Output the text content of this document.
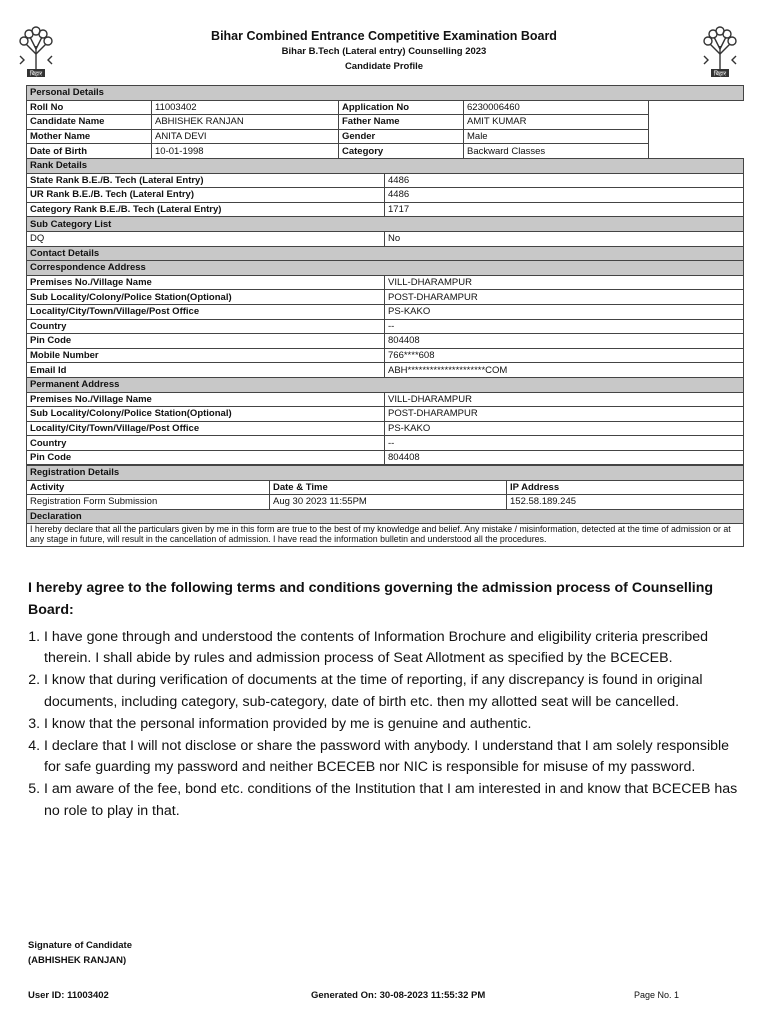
बिहार
Bihar Combined Entrance Competitive Examination Board
Bihar B.Tech (Lateral entry) Counselling 2023
Candidate Profile
बिहार
Personal Details				
Roll No	11003402	Application No	6230006460	
Candidate Name	ABHISHEK RANJAN	Father Name	AMIT KUMAR	
Mother Name	ANITA DEVI	Gender	Male	
Date of Birth	10-01-1998	Category	Backward Classes	
Rank Details	
State Rank B.E./B. Tech (Lateral Entry)	4486
UR Rank B.E./B. Tech (Lateral Entry)	4486
Category Rank B.E./B. Tech (Lateral Entry)	1717
Sub Category List	
DQ	No
Contact Details	
Correspondence Address	
Premises No./Village Name	VILL-DHARAMPUR
Sub Locality/Colony/Police Station(Optional)	POST-DHARAMPUR
Locality/City/Town/Village/Post Office	PS-KAKO
Country	--
Pin Code	804408
Mobile Number	766****608
Email Id	ABH*********************COM
Permanent Address	
Premises No./Village Name	VILL-DHARAMPUR
Sub Locality/Colony/Police Station(Optional)	POST-DHARAMPUR
Locality/City/Town/Village/Post Office	PS-KAKO
Country	--
Pin Code	804408
Registration Details		
Activity	Date & Time	IP Address
Registration Form Submission	Aug 30 2023 11:55PM	152.58.189.245
Declaration		
I hereby declare that all the particulars given by me in this form are true to the best of my knowledge and belief. Any mistake / misinformation, detected at the time of admission or at any stage in future, will result in the cancellation of admission. I have read the information bulletin and understood all the procedures.		
I hereby agree to the following terms and conditions governing the admission process of Counselling Board:
1. I have gone through and understood the contents of Information Brochure and eligibility criteria prescribed therein. I shall abide by rules and admission process of Seat Allotment as specified by the BCECEB.
2. I know that during verification of documents at the time of reporting, if any discrepancy is found in original documents, including category, sub-category, date of birth etc. then my allotted seat will be cancelled.
3. I know that the personal information provided by me is genuine and authentic.
4. I declare that I will not disclose or share the password with anybody. I understand that I am solely responsible for safe guarding my password and neither BCECEB nor NIC is responsible for misuse of my password.
5. I am aware of the fee, bond etc. conditions of the Institution that I am interested in and know that BCECEB has no role to play in that.
Signature of Candidate
(ABHISHEK RANJAN)
User ID: 11003402	Generated On: 30-08-2023 11:55:32 PM	Page No. 1
